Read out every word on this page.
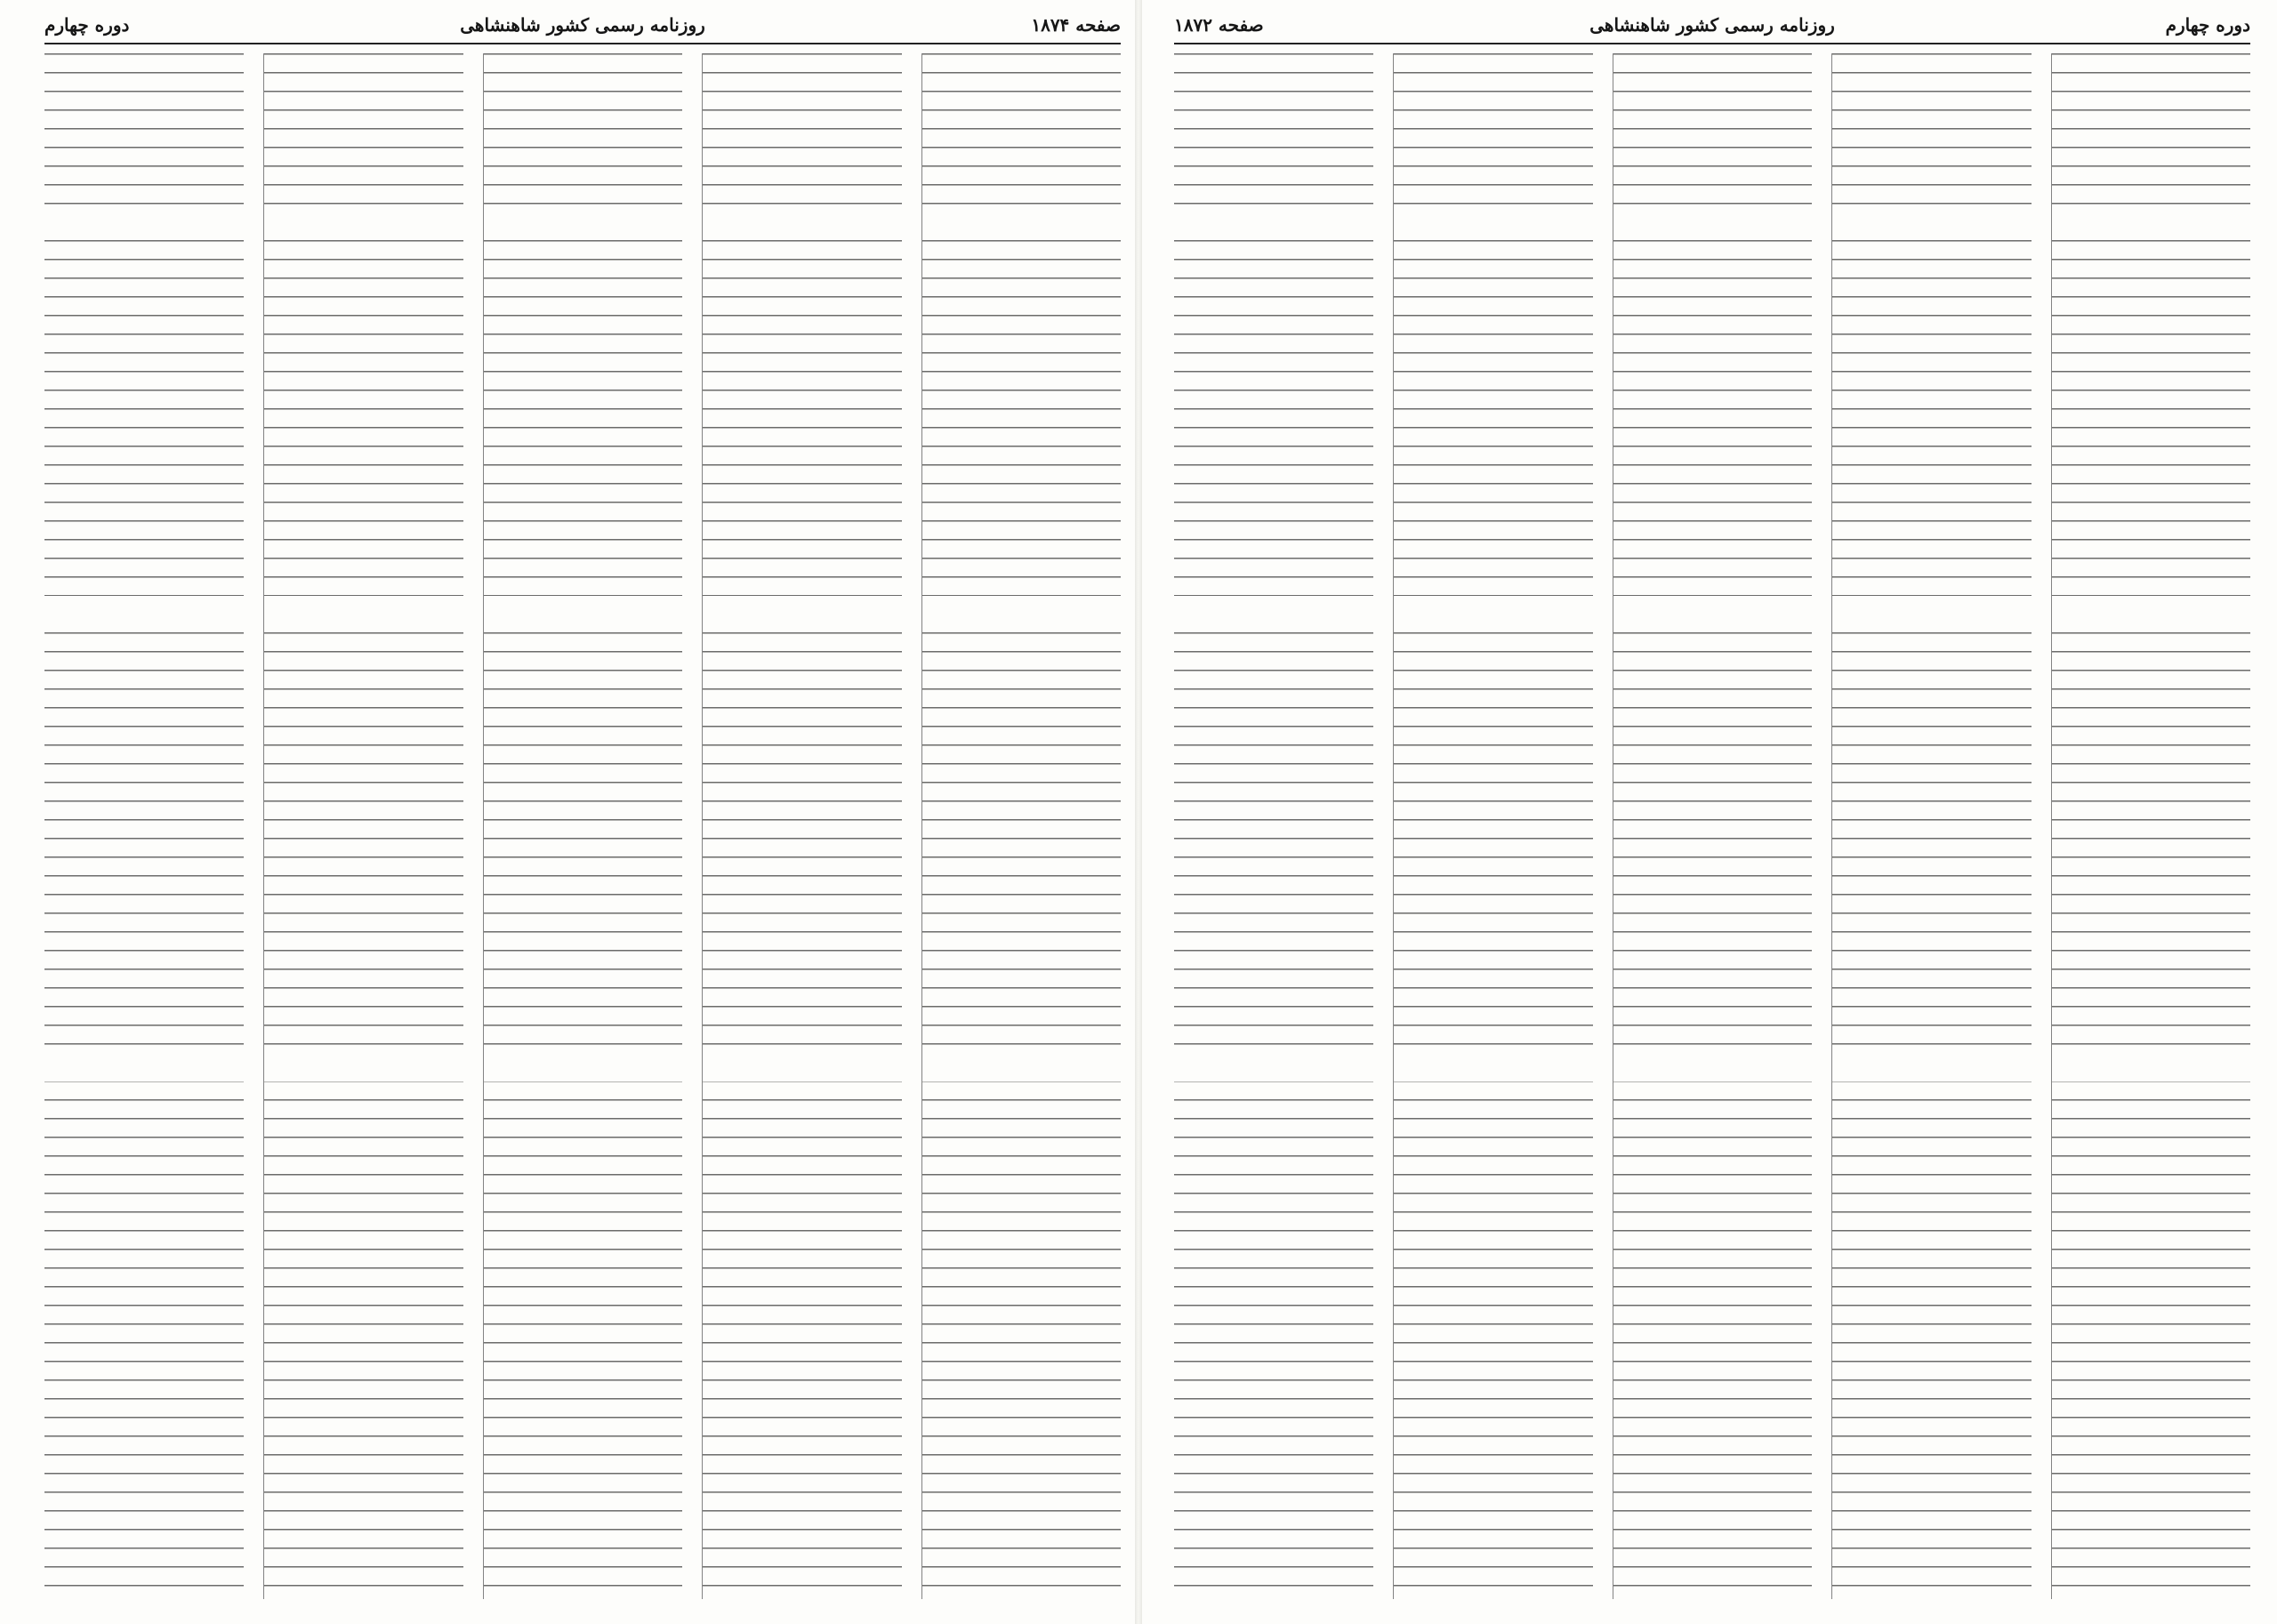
صفحه ۱۸۷۴
روزنامه رسمی کشور شاهنشاهی
دوره چهارم	دوره چهارم
روزنامه رسمی کشور شاهنشاهی
صفحه ۱۸۷۲
